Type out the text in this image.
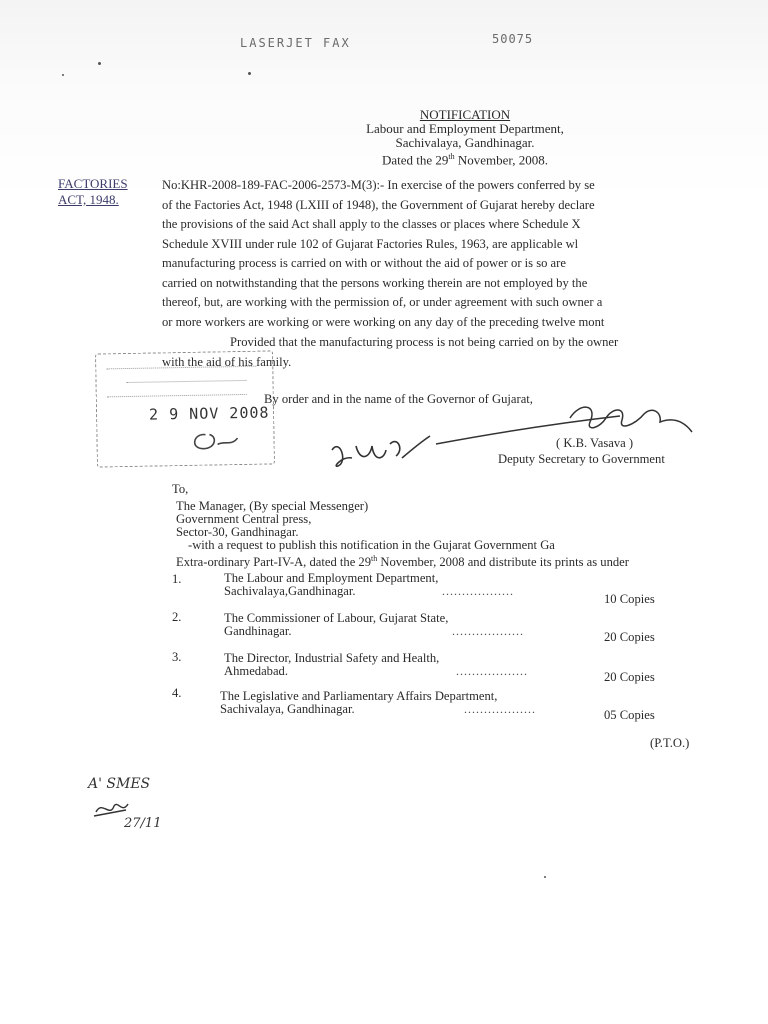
LASERJET FAX	50075
NOTIFICATION
Labour and Employment Department,
Sachivalaya, Gandhinagar.
Dated the 29th November, 2008.
FACTORIES
ACT, 1948.
No:KHR-2008-189-FAC-2006-2573-M(3):- In exercise of the powers conferred by se
of the Factories Act, 1948 (LXIII of 1948), the Government of Gujarat hereby declare
the provisions of the said Act shall apply to the classes or places where Schedule X
Schedule XVIII under rule 102 of Gujarat Factories Rules, 1963, are applicable wl
manufacturing process is carried on with or without the aid of power or is so are
carried on notwithstanding that the persons working therein are not employed by the
thereof, but, are working with the permission of, or under agreement with such owner a
or more workers are working or were working on any day of the preceding twelve mont
Provided that the manufacturing process is not being carried on by the owner
with the aid of his family.
2 9 NOV 2008
By order and in the name of the Governor of Gujarat,
( K.B. Vasava )
Deputy Secretary to Government
To,
The Manager, (By special Messenger)
Government Central press,
Sector-30, Gandhinagar.
-with a request to publish this notification in the Gujarat Government Ga
Extra-ordinary Part-IV-A, dated the 29th November, 2008 and distribute its prints as under
1.	The Labour and Employment Department,
Sachivalaya,Gandhinagar.	..................
10 Copies
2.	The Commissioner of Labour, Gujarat State,
Gandhinagar.	..................	20 Copies
3.	The Director, Industrial Safety and Health,
Ahmedabad.	..................	20 Copies
4.	The Legislative and Parliamentary Affairs Department,
Sachivalaya, Gandhinagar.	..................	05 Copies
(P.T.O.)
A' SMES
27/11
